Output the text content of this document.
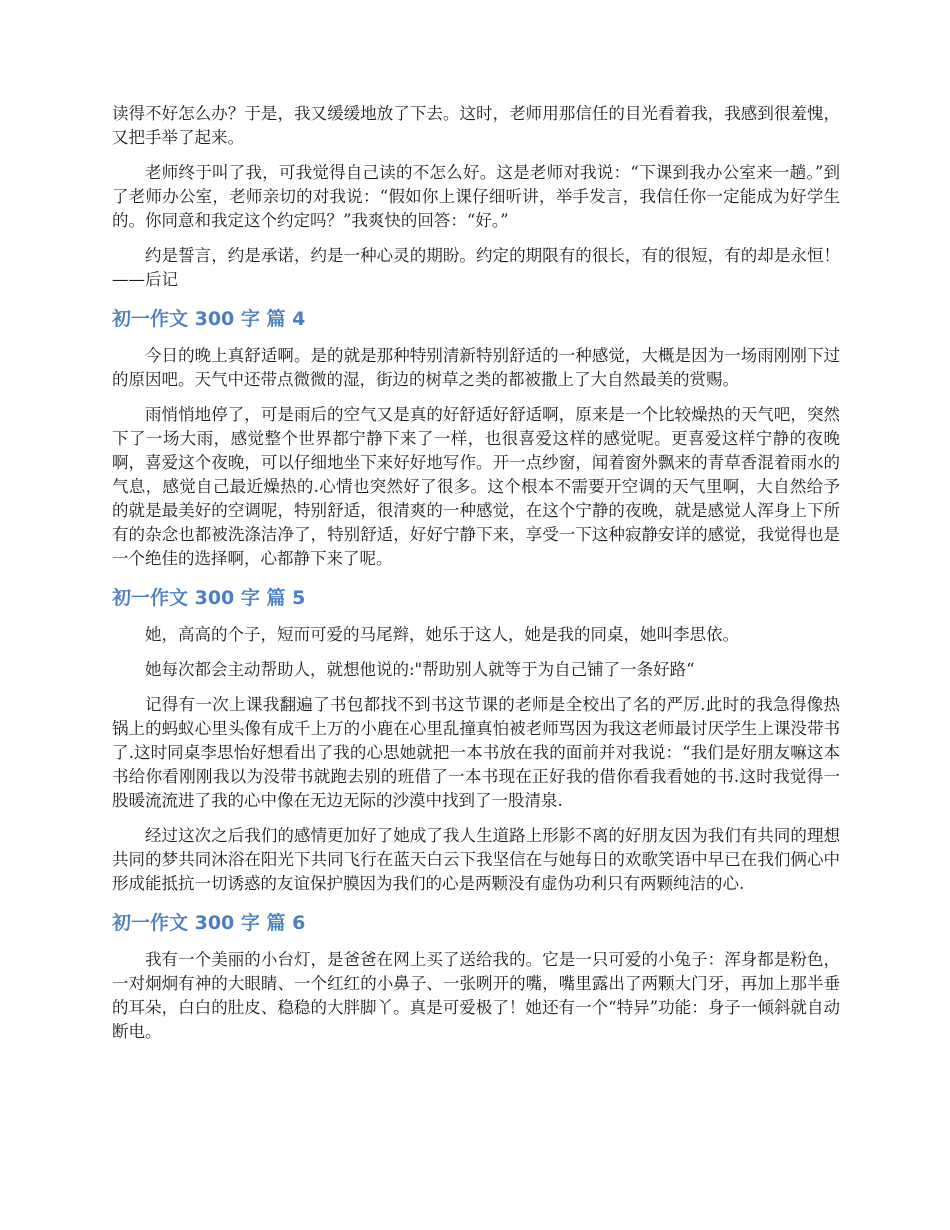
读得不好怎么办？于是，我又缓缓地放了下去。这时，老师用那信任的目光看着我，我感到很羞愧，又把手举了起来。

老师终于叫了我，可我觉得自己读的不怎么好。这是老师对我说：“下课到我办公室来一趟。”到了老师办公室，老师亲切的对我说：“假如你上课仔细听讲，举手发言，我信任你一定能成为好学生的。你同意和我定这个约定吗？”我爽快的回答：“好。”

约是誓言，约是承诺，约是一种心灵的期盼。约定的期限有的很长，有的很短，有的却是永恒！——后记

初一作文 300 字 篇 4

今日的晚上真舒适啊。是的就是那种特别清新特别舒适的一种感觉，大概是因为一场雨刚刚下过的原因吧。天气中还带点微微的湿，街边的树草之类的都被撒上了大自然最美的赏赐。

雨悄悄地停了，可是雨后的空气又是真的好舒适好舒适啊，原来是一个比较燥热的天气吧，突然下了一场大雨，感觉整个世界都宁静下来了一样，也很喜爱这样的感觉呢。更喜爱这样宁静的夜晚啊，喜爱这个夜晚，可以仔细地坐下来好好地写作。开一点纱窗，闻着窗外飘来的青草香混着雨水的气息，感觉自己最近燥热的.心情也突然好了很多。这个根本不需要开空调的天气里啊，大自然给予的就是最美好的空调呢，特别舒适，很清爽的一种感觉，在这个宁静的夜晚，就是感觉人浑身上下所有的杂念也都被洗涤洁净了，特别舒适，好好宁静下来，享受一下这种寂静安详的感觉，我觉得也是一个绝佳的选择啊，心都静下来了呢。

初一作文 300 字 篇 5

她，高高的个子，短而可爱的马尾辫，她乐于这人，她是我的同桌，她叫李思依。

她每次都会主动帮助人，就想他说的:"帮助别人就等于为自己铺了一条好路“

记得有一次上课我翻遍了书包都找不到书这节课的老师是全校出了名的严厉.此时的我急得像热锅上的蚂蚁心里头像有成千上万的小鹿在心里乱撞真怕被老师骂因为我这老师最讨厌学生上课没带书了.这时同桌李思怡好想看出了我的心思她就把一本书放在我的面前并对我说：“我们是好朋友嘛这本书给你看刚刚我以为没带书就跑去别的班借了一本书现在正好我的借你看我看她的书.这时我觉得一股暖流流进了我的心中像在无边无际的沙漠中找到了一股清泉.

经过这次之后我们的感情更加好了她成了我人生道路上形影不离的好朋友因为我们有共同的理想共同的梦共同沐浴在阳光下共同飞行在蓝天白云下我坚信在与她每日的欢歌笑语中早已在我们俩心中形成能抵抗一切诱惑的友谊保护膜因为我们的心是两颗没有虚伪功利只有两颗纯洁的心.

初一作文 300 字 篇 6

我有一个美丽的小台灯，是爸爸在网上买了送给我的。它是一只可爱的小兔子：浑身都是粉色，一对炯炯有神的大眼睛、一个红红的小鼻子、一张咧开的嘴，嘴里露出了两颗大门牙，再加上那半垂的耳朵，白白的肚皮、稳稳的大胖脚丫。真是可爱极了！她还有一个“特异”功能：身子一倾斜就自动断电。
